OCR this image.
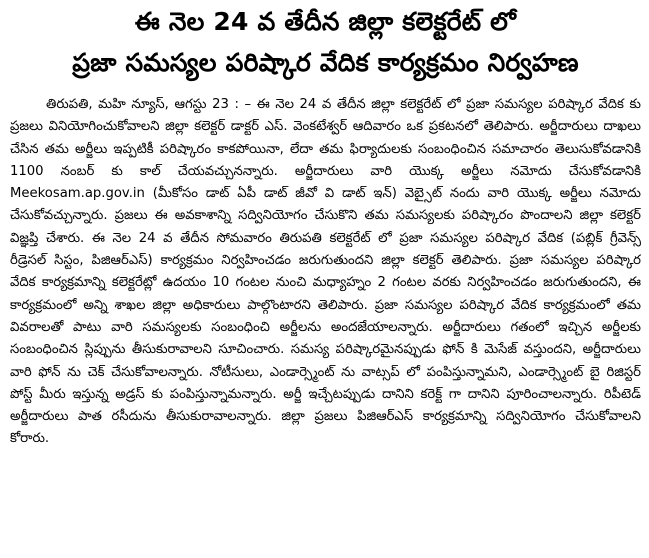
ఈ నెల 24 వ తేదీన జిల్లా కలెక్టరేట్ లో
ప్రజా సమస్యల పరిష్కార వేదిక కార్యక్రమం నిర్వహణ

తిరుపతి, మహి న్యూస్, ఆగస్టు 23 : – ఈ నెల 24 వ తేదీన జిల్లా కలెక్టరేట్ లో ప్రజా సమస్యల పరిష్కార వేదిక కు ప్రజలు వినియోగించుకోవాలని జిల్లా కలెక్టర్ డాక్టర్ ఎస్. వెంకటేశ్వర్ ఆదివారం ఒక ప్రకటనలో తెలిపారు. అర్జీదారులు దాఖలు చేసిన తమ అర్జీలు ఇప్పటికీ పరిష్కారం కాకపోయినా, లేదా తమ ఫిర్యాదులకు సంబంధించిన సమాచారం తెలుసుకోవడానికి 1100 నంబర్ కు కాల్ చేయవచ్చునన్నారు. అర్జీదారులు వారి యొక్క అర్జీలు నమోదు చేసుకోవడానికి Meekosam.ap.gov.in (మీకోసం డాట్ ఏపీ డాట్ జీవో వి డాట్ ఇన్) వెబ్సైట్ నందు వారి యొక్క అర్జీలు నమోదు చేసుకోవచ్చున్నారు. ప్రజలు ఈ అవకాశాన్ని సద్వినియోగం చేసుకొని తమ సమస్యలకు పరిష్కారం పొందాలని జిల్లా కలెక్టర్ విజ్ఞప్తి చేశారు. ఈ నెల 24 వ తేదీన సోమవారం తిరుపతి కలెక్టరేట్ లో ప్రజా సమస్యల పరిష్కార వేదిక (పబ్లిక్ గ్రీవెన్స్ రీడ్రెసల్ సిస్టం, పిజిఆర్ఎస్) కార్యక్రమం నిర్వహించడం జరుగుతుందని జిల్లా కలెక్టర్ తెలిపారు. ప్రజా సమస్యల పరిష్కార వేదిక కార్యక్రమాన్ని కలెక్టరేట్లో ఉదయం 10 గంటల నుంచి మధ్యాహ్నం 2 గంటల వరకు నిర్వహించడం జరుగుతుందని, ఈ కార్యక్రమంలో అన్ని శాఖల జిల్లా అధికారులు పాల్గొంటారని తెలిపారు. ప్రజా సమస్యల పరిష్కార వేదిక కార్యక్రమంలో తమ వివరాలతో పాటు వారి సమస్యలకు సంబంధించి అర్జీలను అందజేయాలన్నారు. అర్జీదారులు గతంలో ఇచ్చిన అర్జీలకు సంబంధించిన స్లిప్పును తీసుకురావాలని సూచించారు. సమస్య పరిష్కారమైనప్పుడు ఫోన్ కి మెసేజ్ వస్తుందని, అర్జీదారులు వారి ఫోన్ ను చెక్ చేసుకోవాలన్నారు. నోటీసులు, ఎండార్స్మెంట్ ను వాట్సప్ లో పంపిస్తున్నామని, ఎండార్స్మెంట్ బై రిజిస్టర్ పోస్ట్ మీరు ఇస్తున్న అడ్రస్ కు పంపిస్తున్నామన్నారు. అర్జీ ఇచ్చేటప్పుడు దానిని కరెక్ట్ గా దానిని పూరించాలన్నారు. రిపీటెడ్ అర్జీదారులు పాత రసీదును తీసుకురావాలన్నారు. జిల్లా ప్రజలు పిజిఆర్ఎస్ కార్యక్రమాన్ని సద్వినియోగం చేసుకోవాలని కోరారు.
